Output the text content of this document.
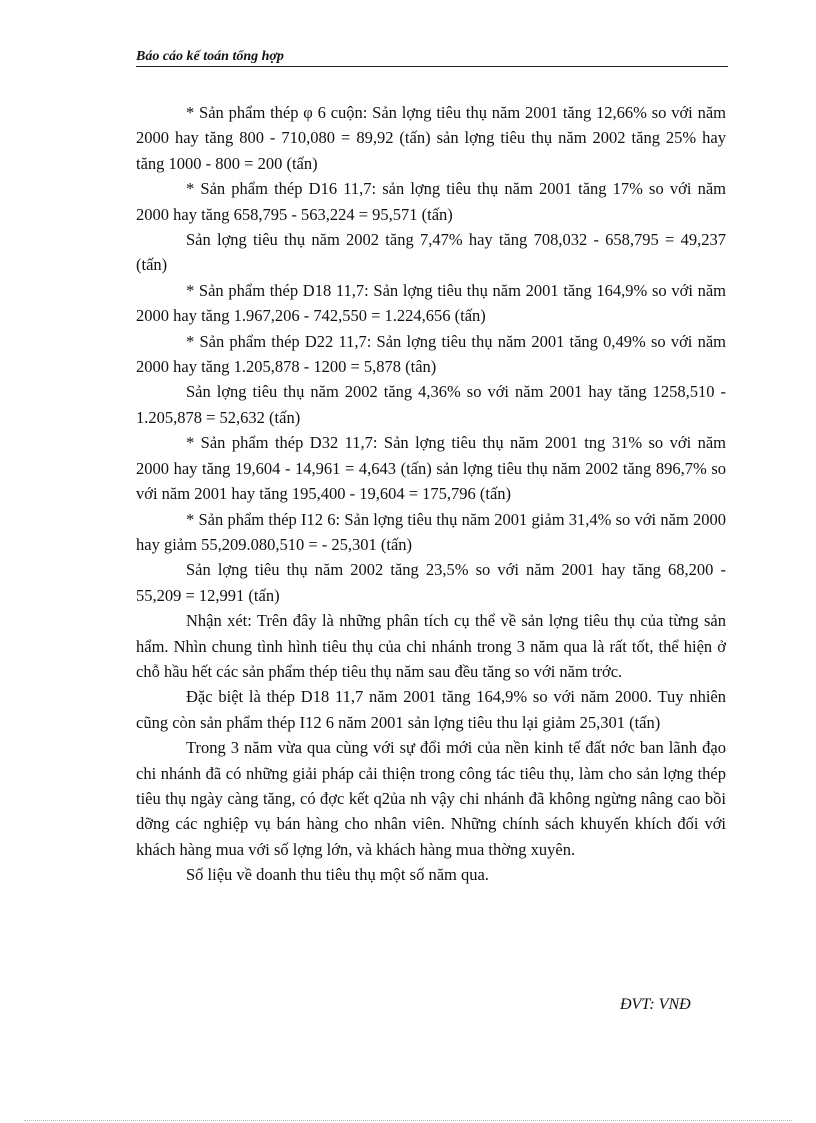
Báo cáo kế toán tổng hợp

* Sản phẩm thép φ 6 cuộn: Sản lợng tiêu thụ năm 2001 tăng 12,66% so với năm 2000 hay tăng 800 - 710,080 = 89,92 (tấn) sản lợng tiêu thụ năm 2002 tăng 25% hay tăng 1000 - 800 = 200 (tấn)

* Sản phẩm thép D16 11,7: sản lợng tiêu thụ năm 2001 tăng 17% so với năm 2000 hay tăng 658,795 - 563,224 = 95,571 (tấn)

Sản lợng tiêu thụ năm 2002 tăng 7,47% hay tăng 708,032 - 658,795 = 49,237 (tấn)

* Sản phẩm thép D18 11,7: Sản lợng tiêu thụ năm 2001 tăng 164,9% so với năm 2000 hay tăng 1.967,206 - 742,550 = 1.224,656 (tấn)

* Sản phẩm thép D22 11,7: Sản lợng tiêu thụ năm 2001 tăng 0,49% so với năm 2000 hay tăng 1.205,878 - 1200 = 5,878 (tân)

Sản lợng tiêu thụ năm 2002 tăng 4,36% so với năm 2001 hay tăng 1258,510 - 1.205,878 = 52,632 (tấn)

* Sản phẩm thép D32 11,7: Sản lợng tiêu thụ năm 2001 tng 31% so với năm 2000 hay tăng 19,604 - 14,961 = 4,643 (tấn) sản lợng tiêu thụ năm 2002 tăng 896,7% so với năm 2001 hay tăng 195,400 - 19,604 = 175,796 (tấn)

* Sản phẩm thép I12 6: Sản lợng tiêu thụ năm 2001 giảm 31,4% so với năm 2000 hay giảm 55,209.080,510 = - 25,301 (tấn)

Sản lợng tiêu thụ năm 2002 tăng 23,5% so với năm 2001 hay tăng 68,200 - 55,209 = 12,991 (tấn)

Nhận xét: Trên đây là những phân tích cụ thể về sản lợng tiêu thụ của từng sản hẩm. Nhìn chung tình hình tiêu thụ của chi nhánh trong 3 năm qua là rất tốt, thể hiện ở chỗ hầu hết các sản phẩm thép tiêu thụ năm sau đều tăng so với năm trớc.

Đặc biệt là thép D18 11,7 năm 2001 tăng 164,9% so với năm 2000. Tuy nhiên cũng còn sản phẩm thép I12 6 năm 2001 sản lợng tiêu thu lại giảm 25,301 (tấn)

Trong 3 năm vừa qua cùng với sự đổi mới của nền kinh tế đất nớc ban lãnh đạo chi nhánh đã có những giải pháp cải thiện trong công tác tiêu thụ, làm cho sản lợng thép tiêu thụ ngày càng tăng, có đợc kết q2ủa nh vậy chi nhánh đã không ngừng nâng cao bồi dỡng các nghiệp vụ bán hàng cho nhân viên. Những chính sách khuyến khích đối với khách hàng mua với số lợng lớn, và khách hàng mua thờng xuyên.

Số liệu về doanh thu tiêu thụ một số năm qua.

ĐVT: VNĐ
